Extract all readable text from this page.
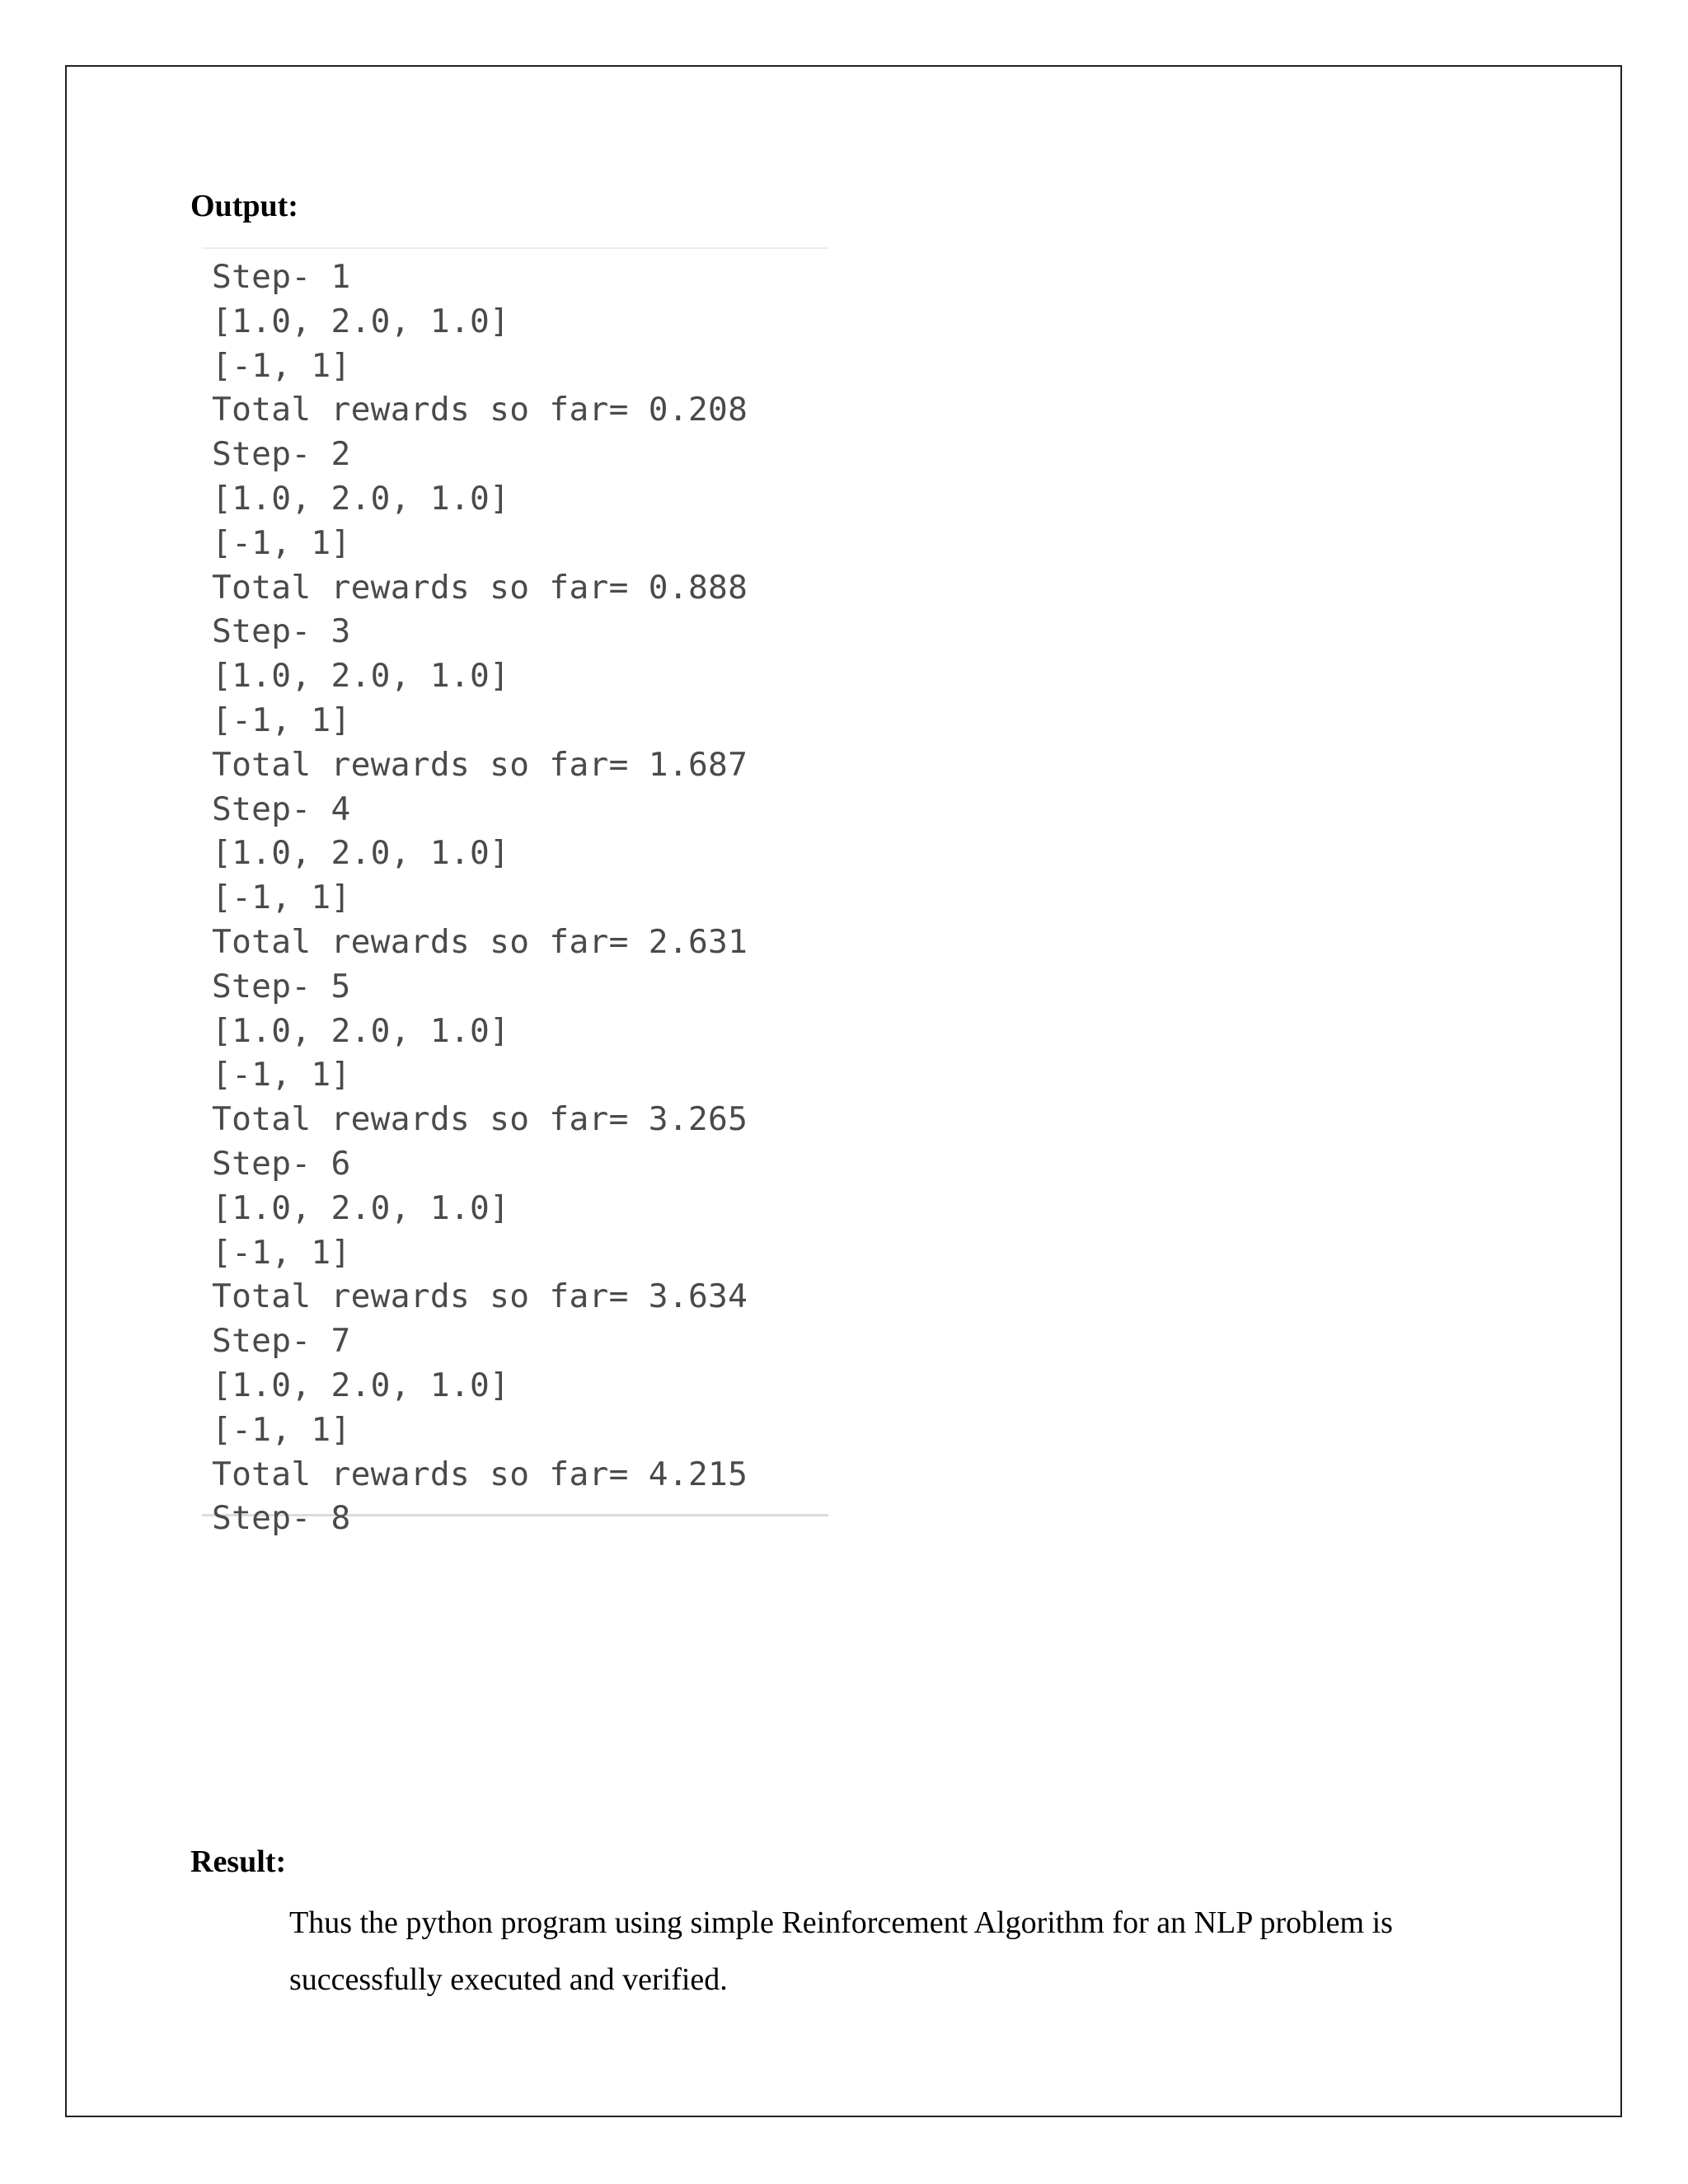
Output:
Step- 1
[1.0, 2.0, 1.0]
[-1, 1]
Total rewards so far= 0.208
Step- 2
[1.0, 2.0, 1.0]
[-1, 1]
Total rewards so far= 0.888
Step- 3
[1.0, 2.0, 1.0]
[-1, 1]
Total rewards so far= 1.687
Step- 4
[1.0, 2.0, 1.0]
[-1, 1]
Total rewards so far= 2.631
Step- 5
[1.0, 2.0, 1.0]
[-1, 1]
Total rewards so far= 3.265
Step- 6
[1.0, 2.0, 1.0]
[-1, 1]
Total rewards so far= 3.634
Step- 7
[1.0, 2.0, 1.0]
[-1, 1]
Total rewards so far= 4.215
Step- 8
Result:

Thus the python program using simple Reinforcement Algorithm for an NLP problem is successfully executed and verified.
